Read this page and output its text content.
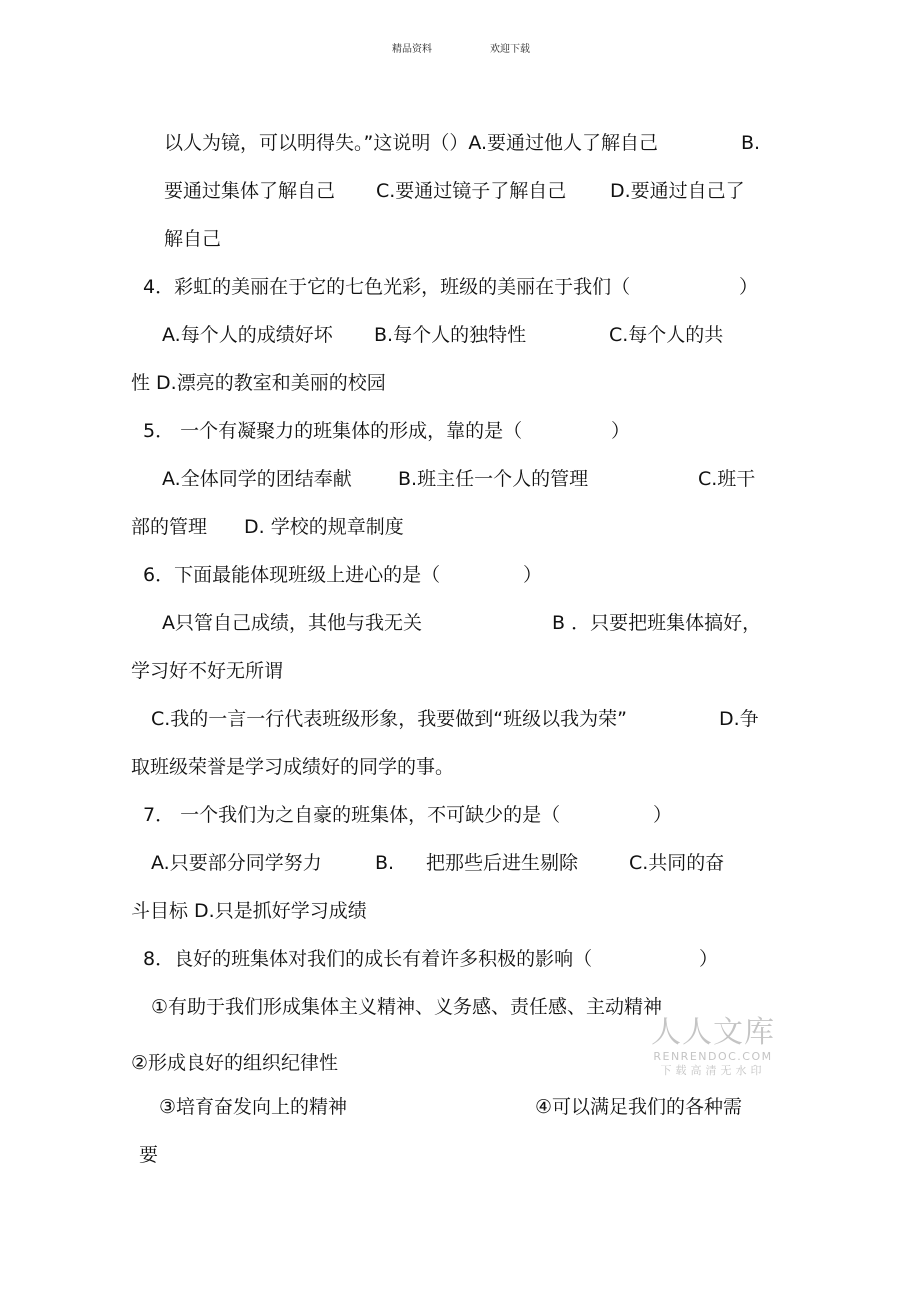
精品资料	欢迎下载
以人为镜，可以明得失。”这说明（）A.要通过他人了解自己	B.
要通过集体了解自己 C.要通过镜子了解自己 D.要通过自己了
解自己
4．彩虹的美丽在于它的七色光彩，班级的美丽在于我们（	）
A.每个人的成绩好坏 B.每个人的独特性	C.每个人的共
性 D.漂亮的教室和美丽的校园
5． 一个有凝聚力的班集体的形成，靠的是（	）
A.全体同学的团结奉献 B.班主任一个人的管理	C.班干
部的管理 D. 学校的规章制度
6．下面最能体现班级上进心的是（	）
A只管自己成绩，其他与我无关	B ．只要把班集体搞好，
学习好不好无所谓
C.我的一言一行代表班级形象，我要做到“班级以我为荣”	D.争
取班级荣誉是学习成绩好的同学的事。
7． 一个我们为之自豪的班集体，不可缺少的是（	）
A.只要部分同学努力	B. 把那些后进生剔除	C.共同的奋
斗目标 D.只是抓好学习成绩
8．良好的班集体对我们的成长有着许多积极的影响（	）
①有助于我们形成集体主义精神、义务感、责任感、主动精神
②形成良好的组织纪律性
③培育奋发向上的精神	④可以满足我们的各种需
要
人人文库
RENRENDOC.COM
下载高清无水印
